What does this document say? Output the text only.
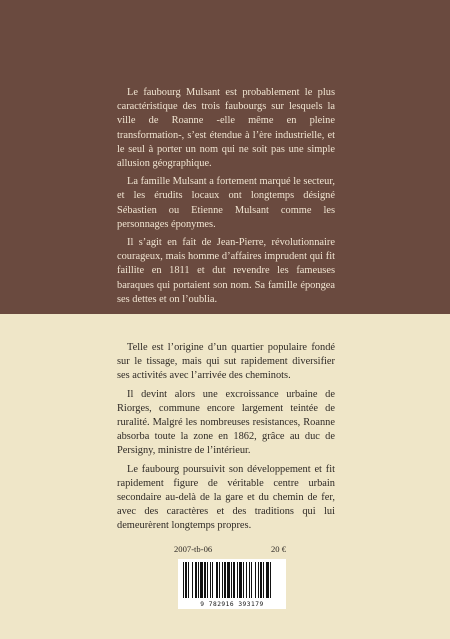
Le faubourg Mulsant est probablement le plus caractéristique des trois faubourgs sur lesquels la ville de Roanne -elle même en pleine transformation-, s’est étendue à l’ère industrielle, et le seul à porter un nom qui ne soit pas une simple allusion géographique.

La famille Mulsant a fortement marqué le secteur, et les érudits locaux ont longtemps désigné Sébastien ou Etienne Mulsant comme les personnages éponymes.

Il s’agit en fait de Jean-Pierre, révolutionnaire courageux, mais homme d’affaires imprudent qui fit faillite en 1811 et dut revendre les fameuses baraques qui portaient son nom. Sa famille épongea ses dettes et on l’oublia.

Telle est l’origine d’un quartier populaire fondé sur le tissage, mais qui sut rapidement diversifier ses activités avec l’arrivée des cheminots.

Il devint alors une excroissance urbaine de Riorges, commune encore largement teintée de ruralité. Malgré les nombreuses resistances, Roanne absorba toute la zone en 1862, grâce au duc de Persigny, ministre de l’intérieur.

Le faubourg poursuivit son développement et fit rapidement figure de véritable centre urbain secondaire au-delà de la gare et du chemin de fer, avec des caractères et des traditions qui lui demeurèrent longtemps propres.

2007-tb-06	20 €
9 782916 393179
